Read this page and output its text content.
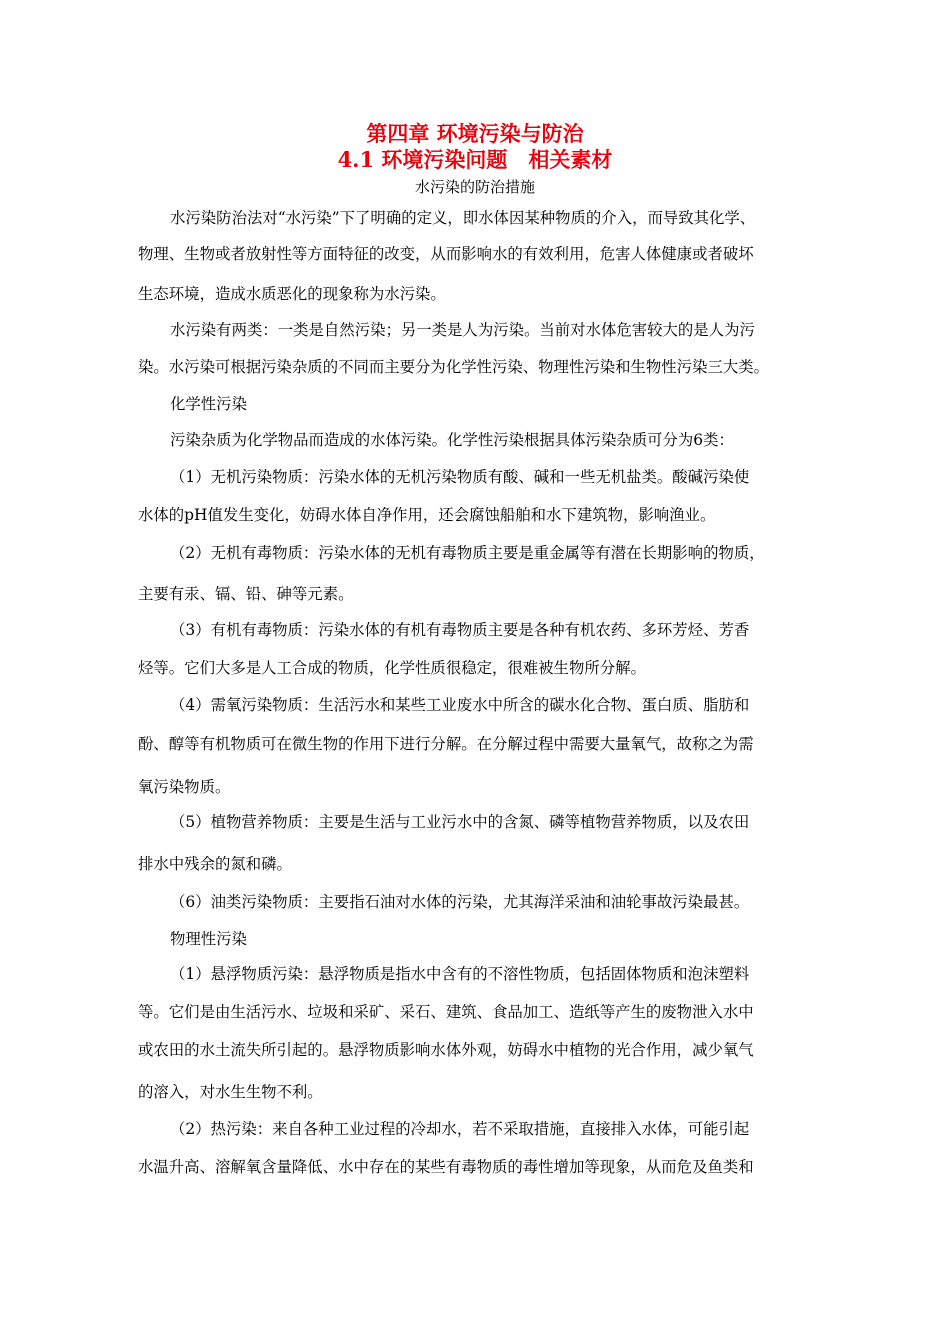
第四章 环境污染与防治
4.1 环境污染问题　相关素材
水污染的防治措施
水污染防治法对“水污染”下了明确的定义，即水体因某种物质的介入，而导致其化学、
物理、生物或者放射性等方面特征的改变，从而影响水的有效利用，危害人体健康或者破坏
生态环境，造成水质恶化的现象称为水污染。
水污染有两类：一类是自然污染；另一类是人为污染。当前对水体危害较大的是人为污
染。水污染可根据污染杂质的不同而主要分为化学性污染、物理性污染和生物性污染三大类。
化学性污染
污染杂质为化学物品而造成的水体污染。化学性污染根据具体污染杂质可分为6类：
（1）无机污染物质：污染水体的无机污染物质有酸、碱和一些无机盐类。酸碱污染使
水体的pH值发生变化，妨碍水体自净作用，还会腐蚀船舶和水下建筑物，影响渔业。
（2）无机有毒物质：污染水体的无机有毒物质主要是重金属等有潜在长期影响的物质，
主要有汞、镉、铅、砷等元素。
（3）有机有毒物质：污染水体的有机有毒物质主要是各种有机农药、多环芳烃、芳香
烃等。它们大多是人工合成的物质，化学性质很稳定，很难被生物所分解。
（4）需氧污染物质：生活污水和某些工业废水中所含的碳水化合物、蛋白质、脂肪和
酚、醇等有机物质可在微生物的作用下进行分解。在分解过程中需要大量氧气，故称之为需
氧污染物质。
（5）植物营养物质：主要是生活与工业污水中的含氮、磷等植物营养物质，以及农田
排水中残余的氮和磷。
（6）油类污染物质：主要指石油对水体的污染，尤其海洋采油和油轮事故污染最甚。
物理性污染
（1）悬浮物质污染：悬浮物质是指水中含有的不溶性物质，包括固体物质和泡沫塑料
等。它们是由生活污水、垃圾和采矿、采石、建筑、食品加工、造纸等产生的废物泄入水中
或农田的水土流失所引起的。悬浮物质影响水体外观，妨碍水中植物的光合作用，减少氧气
的溶入，对水生生物不利。
（2）热污染：来自各种工业过程的冷却水，若不采取措施，直接排入水体，可能引起
水温升高、溶解氧含量降低、水中存在的某些有毒物质的毒性增加等现象，从而危及鱼类和
